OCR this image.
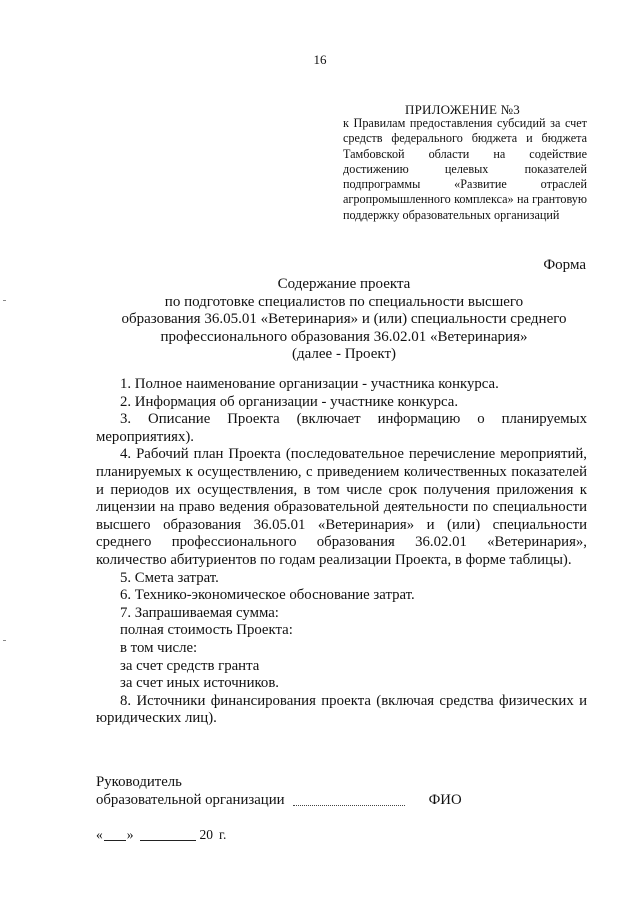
16
ПРИЛОЖЕНИЕ №3
к Правилам предоставления субсидий за счет средств федерального бюджета и бюджета Тамбовской области на содействие достижению целевых показателей подпрограммы «Развитие отраслей агропромышленного комплекса» на грантовую поддержку образовательных организаций
Форма
Содержание проекта
по подготовке специалистов по специальности высшего
образования 36.05.01 «Ветеринария» и (или) специальности среднего
профессионального образования 36.02.01 «Ветеринария»
(далее - Проект)

1. Полное наименование организации - участника конкурса.

2. Информация об организации - участнике конкурса.

3. Описание Проекта (включает информацию о планируемых мероприятиях).

4. Рабочий план Проекта (последовательное перечисление мероприятий, планируемых к осуществлению, с приведением количественных показателей и периодов их осуществления, в том числе срок получения приложения к лицензии на право ведения образовательной деятельности по специальности высшего образования 36.05.01 «Ветеринария» и (или) специальности среднего профессионального образования 36.02.01 «Ветеринария», количество абитуриентов по годам реализации Проекта, в форме таблицы).

5. Смета затрат.

6. Технико-экономическое обоснование затрат.

7. Запрашиваемая сумма:

полная стоимость Проекта:

в том числе:

за счет средств гранта

за счет иных источников.

8. Источники финансирования проекта (включая средства физических и юридических лиц).

Руководитель
образовательной организации	ФИО
« »	20 г.
